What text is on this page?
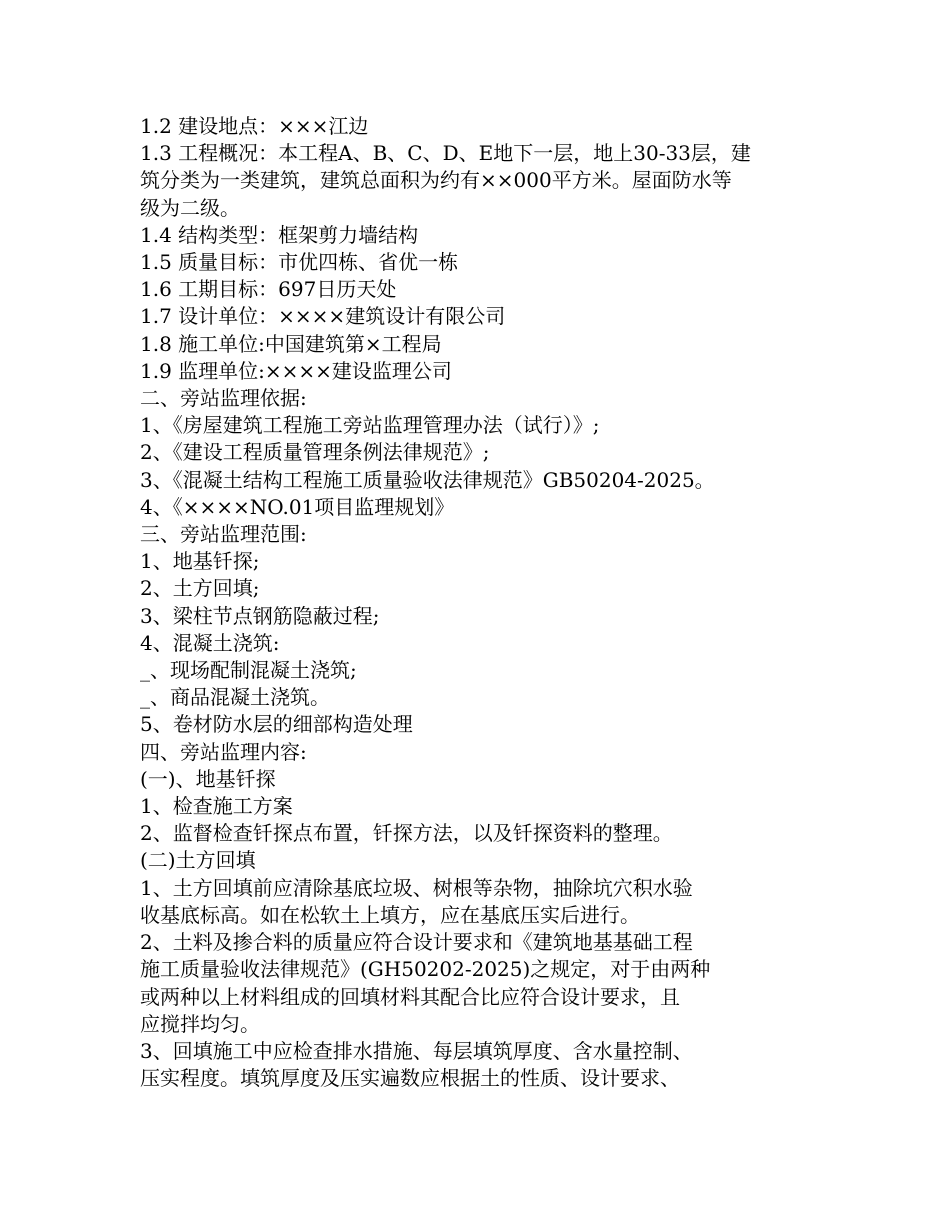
1.2 建设地点：×××江边
1.3 工程概况：本工程A、B、C、D、E地下一层，地上30-33层，建
筑分类为一类建筑，建筑总面积为约有××000平方米。屋面防水等
级为二级。
1.4 结构类型：框架剪力墙结构
1.5 质量目标：市优四栋、省优一栋
1.6 工期目标：697日历天处
1.7 设计单位：××××建筑设计有限公司
1.8 施工单位:中国建筑第×工程局
1.9 监理单位:××××建设监理公司
二、旁站监理依据:
1、《房屋建筑工程施工旁站监理管理办法（试行）》;
2、《建设工程质量管理条例法律规范》;
3、《混凝土结构工程施工质量验收法律规范》GB50204-2025。
4、《××××NO.01项目监理规划》
三、旁站监理范围:
1、地基钎探;
2、土方回填;
3、梁柱节点钢筋隐蔽过程;
4、混凝土浇筑:
_、现场配制混凝土浇筑;
_、商品混凝土浇筑。
5、卷材防水层的细部构造处理
四、旁站监理内容:
(一)、地基钎探
1、检查施工方案
2、监督检查钎探点布置，钎探方法，以及钎探资料的整理。
(二)土方回填
1、土方回填前应清除基底垃圾、树根等杂物，抽除坑穴积水验
收基底标高。如在松软土上填方，应在基底压实后进行。
2、土料及掺合料的质量应符合设计要求和《建筑地基基础工程
施工质量验收法律规范》(GH50202-2025)之规定，对于由两种
或两种以上材料组成的回填材料其配合比应符合设计要求，且
应搅拌均匀。
3、回填施工中应检查排水措施、每层填筑厚度、含水量控制、
压实程度。填筑厚度及压实遍数应根据土的性质、设计要求、
